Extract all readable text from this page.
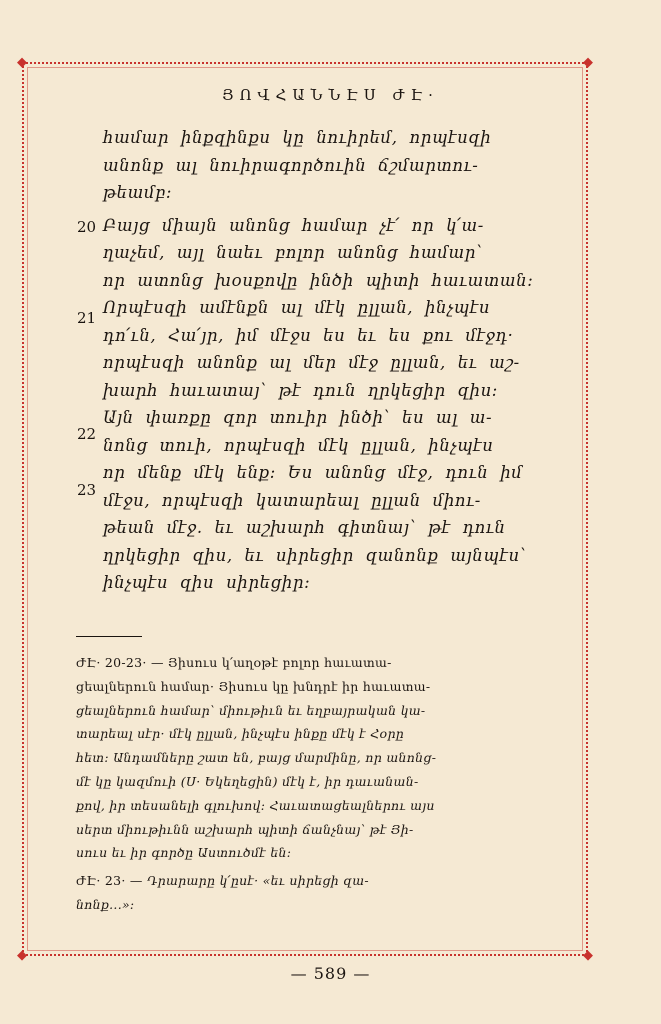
◆	◆
◆	◆
ՅՈՎՀԱՆՆԷՍ ԺԷ·
20
21
22
23
համար ինքզինքս կը նուիրեմ, որպէսզի
անոնք ալ նուիրագործուին ճշմարտու-
թեամբ:
Բայց միայն անոնց համար չէ՛ որ կ՛ա-
ղաչեմ, այլ նաեւ բոլոր անոնց համար՝
որ ատոնց խօսքովը ինծի պիտի հաւատան:
Որպէսզի ամէնքն ալ մէկ ըլլան, ինչպէս
դո՛ւն, Հա՛յր, իմ մէջս ես եւ ես քու մէջդ·
որպէսզի անոնք ալ մեր մէջ ըլլան, եւ աշ-
խարհ հաւատայ՝ թէ դուն ղրկեցիր զիս:
Այն փառքը զոր տուիր ինծի՝ ես ալ ա-
նոնց տուի, որպէսզի մէկ ըլլան, ինչպէս
որ մենք մէկ ենք: Ես անոնց մէջ, դուն իմ
մէջս, որպէսզի կատարեալ ըլլան միու-
թեան մէջ. եւ աշխարհ գիտնայ՝ թէ դուն
ղրկեցիր զիս, եւ սիրեցիր զանոնք այնպէս՝
ինչպէս զիս սիրեցիր:
ԺԷ· 20-23· — Յիսուս կ՛աղօթէ բոլոր հաւատա-
ցեալներուն համար· Յիսուս կը խնդրէ իր հաւատա-
ցեալներուն համար՝ միութիւն եւ եղբայրական կա-
տարեալ սէր· մէկ ըլլան, ինչպէս ինքը մէկ է Հօրը
հետ: Անդամները շատ են, բայց մարմինը, որ անոնց-
մէ կը կազմուի (Ս· Եկեղեցին) մէկ է, իր դաւանան-
քով, իր տեսանելի գլուխով: Հաւատացեալներու այս
սերտ միութիւնն աշխարհ պիտի ճանչնայ՝ թէ Յի-
սուս եւ իր գործը Աստուծմէ են:
ԺԷ· 23· — Դրարարը կ՛ըսէ· «եւ սիրեցի զա-
նոնք...»:
— 589 —
